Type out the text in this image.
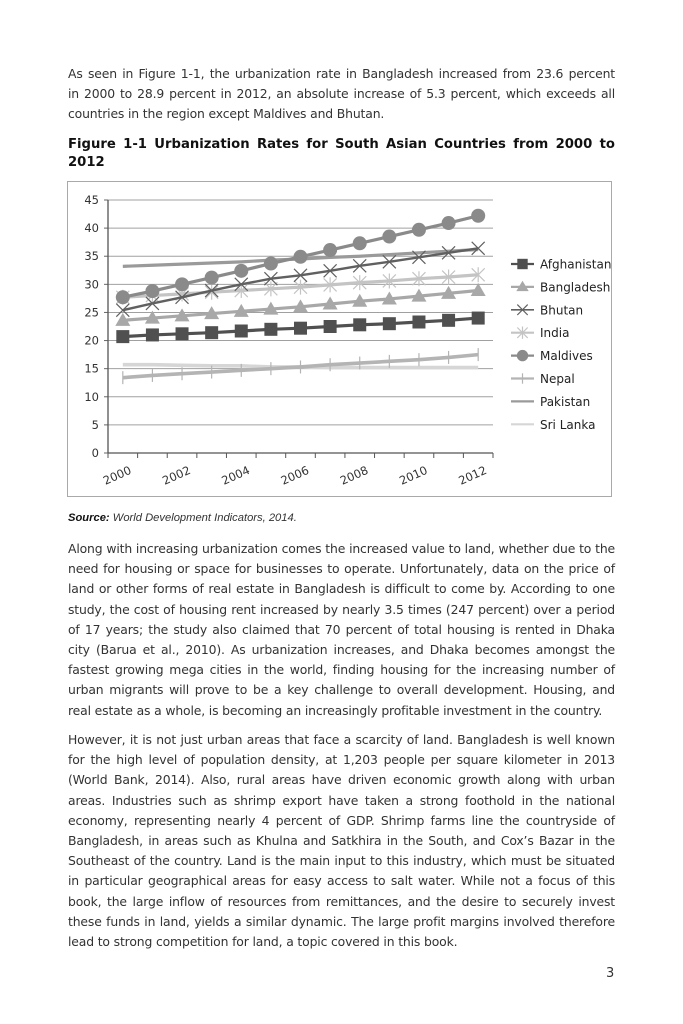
As seen in Figure 1-1, the urbanization rate in Bangladesh increased from 23.6 percent
in 2000 to 28.9 percent in 2012, an absolute increase of 5.3 percent, which exceeds all
countries in the region except Maldives and Bhutan.
Figure 1-1 Urbanization Rates for South Asian Countries from 2000 to
2012
0
5
10
15
20
25
30
35
40
45
2000 2002 2004 2006 2008 2010 2012
Afghanistan
Bangladesh
Bhutan
India
Maldives
Nepal
Pakistan
Sri Lanka
Source: World Development Indicators, 2014.
Along with increasing urbanization comes the increased value to land, whether due to the
need for housing or space for businesses to operate. Unfortunately, data on the price of
land or other forms of real estate in Bangladesh is difficult to come by. According to one
study, the cost of housing rent increased by nearly 3.5 times (247 percent) over a period
of 17 years; the study also claimed that 70 percent of total housing is rented in Dhaka
city (Barua et al., 2010). As urbanization increases, and Dhaka becomes amongst the
fastest growing mega cities in the world, finding housing for the increasing number of
urban migrants will prove to be a key challenge to overall development. Housing, and
real estate as a whole, is becoming an increasingly profitable investment in the country.
However, it is not just urban areas that face a scarcity of land. Bangladesh is well known
for the high level of population density, at 1,203 people per square kilometer in 2013
(World Bank, 2014). Also, rural areas have driven economic growth along with urban
areas. Industries such as shrimp export have taken a strong foothold in the national
economy, representing nearly 4 percent of GDP. Shrimp farms line the countryside of
Bangladesh, in areas such as Khulna and Satkhira in the South, and Cox’s Bazar in the
Southeast of the country. Land is the main input to this industry, which must be situated
in particular geographical areas for easy access to salt water. While not a focus of this
book, the large inflow of resources from remittances, and the desire to securely invest
these funds in land, yields a similar dynamic. The large profit margins involved therefore
lead to strong competition for land, a topic covered in this book.
3
